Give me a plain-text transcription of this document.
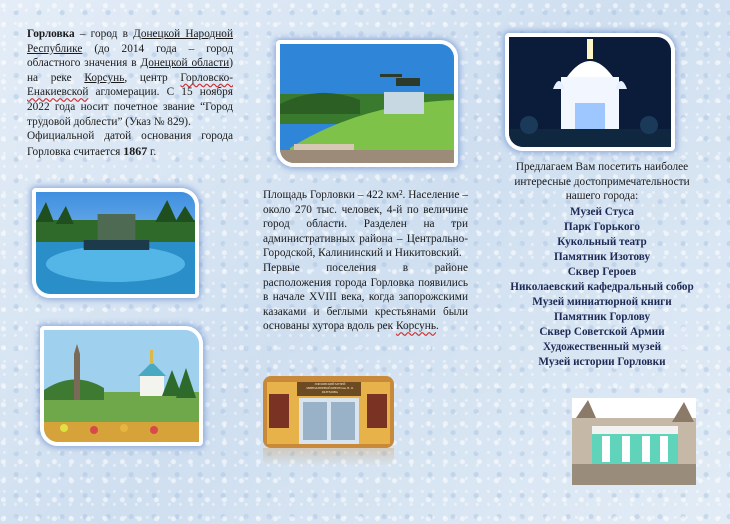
Горловка – город в Донецкой Народной Республике (до 2014 года – город областного значения в Донецкой области) на реке Корсунь, центр Горловско-Енакиевской агломерации. С 15 ноября 2022 года носит почетное звание “Город трудовой доблести” (Указ № 829).
Официальной датой основания города Горловка считается 1867 г.
Площадь Горловки – 422 км². Население – около 270 тыс. человек, 4-й по величине город области. Разделен на три административных района – Центрально-Городской, Калининский и Никитовский.
Первые поселения в районе расположения города Горловка появились в начале XVIII века, когда запорожскими казаками и беглыми крестьянами были основаны хутора вдоль рек Корсунь.
ГОРЛОВСКИЙ МУЗЕЙ МИНИАТЮРНОЙ КНИГИ им. В. О. РАЗУМОВА
Предлагаем Вам посетить наиболее интересные достопримечательности нашего города:
Музей Стуса
Парк Горького
Кукольный театр
Памятник Изотову
Сквер Героев
Николаевский кафедральный собор
Музей миниатюрной книги
Памятник Горлову
Сквер Советской Армии
Художественный музей
Музей истории Горловки
